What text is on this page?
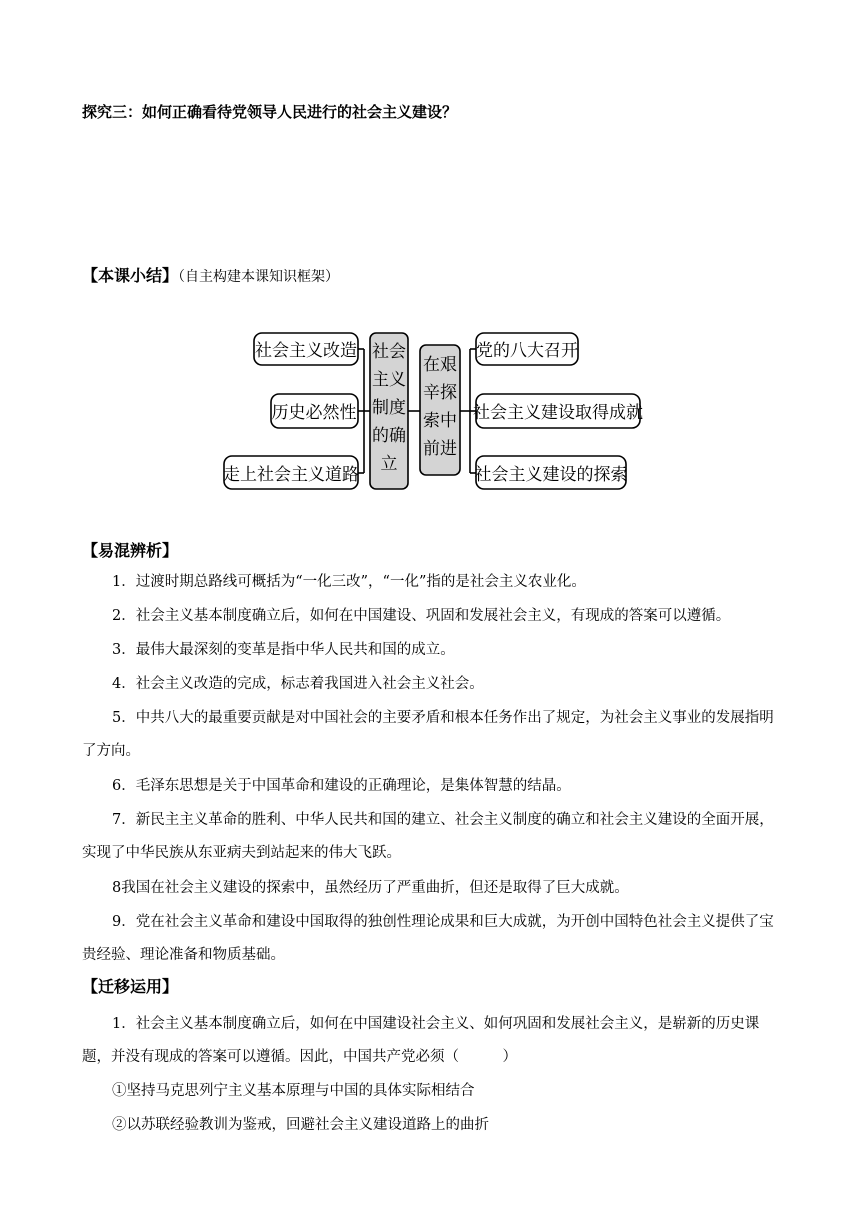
探究三：如何正确看待党领导人民进行的社会主义建设？
【本课小结】（自主构建本课知识框架）
社会主义改造
历史必然性
走上社会主义道路
社会
主义
制度
的确
立
在艰
辛探
索中
前进
党的八大召开
社会主义建设取得成就
社会主义建设的探索
【易混辨析】
1．过渡时期总路线可概括为“一化三改”，“一化”指的是社会主义农业化。
2．社会主义基本制度确立后，如何在中国建设、巩固和发展社会主义，有现成的答案可以遵循。
3．最伟大最深刻的变革是指中华人民共和国的成立。
4．社会主义改造的完成，标志着我国进入社会主义社会。
5．中共八大的最重要贡献是对中国社会的主要矛盾和根本任务作出了规定，为社会主义事业的发展指明了方向。
6．毛泽东思想是关于中国革命和建设的正确理论，是集体智慧的结晶。
7．新民主主义革命的胜利、中华人民共和国的建立、社会主义制度的确立和社会主义建设的全面开展，实现了中华民族从东亚病夫到站起来的伟大飞跃。
8我国在社会主义建设的探索中，虽然经历了严重曲折，但还是取得了巨大成就。
9．党在社会主义革命和建设中国取得的独创性理论成果和巨大成就，为开创中国特色社会主义提供了宝贵经验、理论准备和物质基础。
【迁移运用】
1．社会主义基本制度确立后，如何在中国建设社会主义、如何巩固和发展社会主义，是崭新的历史课题，并没有现成的答案可以遵循。因此，中国共产党必须（　　　）
①坚持马克思列宁主义基本原理与中国的具体实际相结合
②以苏联经验教训为鉴戒，回避社会主义建设道路上的曲折
